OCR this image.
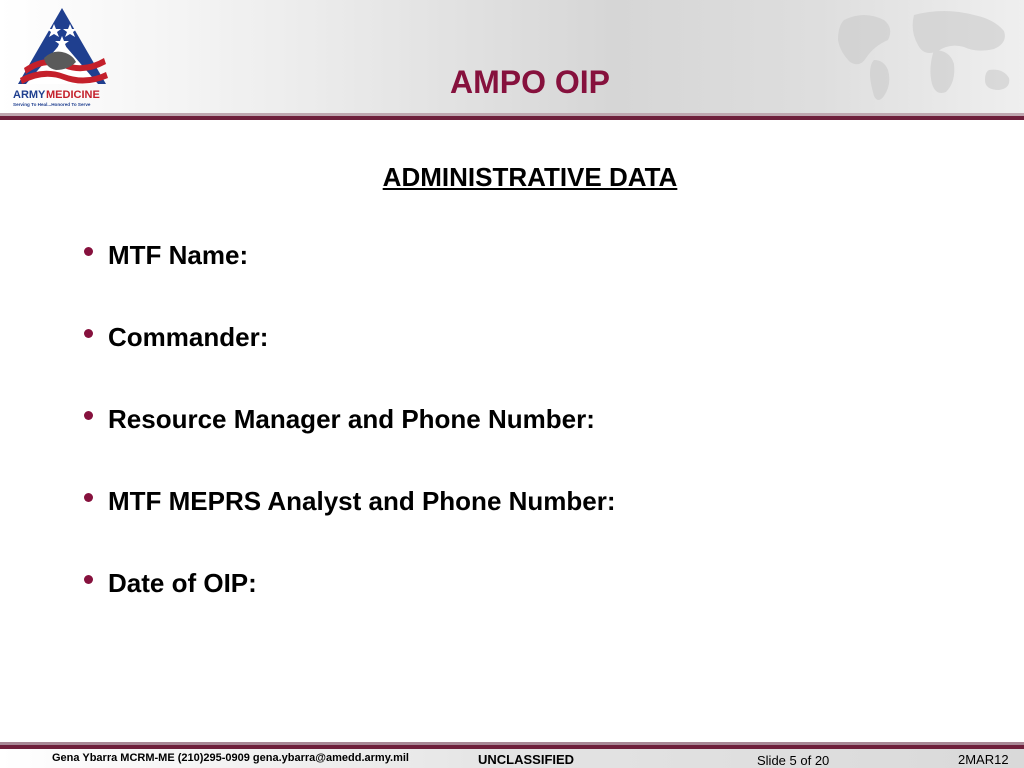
ARMY MEDICINE
Serving To Heal...Honored To Serve
AMPO OIP
ADMINISTRATIVE DATA
MTF Name:
Commander:
Resource Manager and Phone Number:
MTF MEPRS Analyst and Phone Number:
Date of OIP:
Gena Ybarra MCRM-ME (210)295-0909 gena.ybarra@amedd.army.mil	UNCLASSIFIED	Slide 5 of 20	2MAR12
